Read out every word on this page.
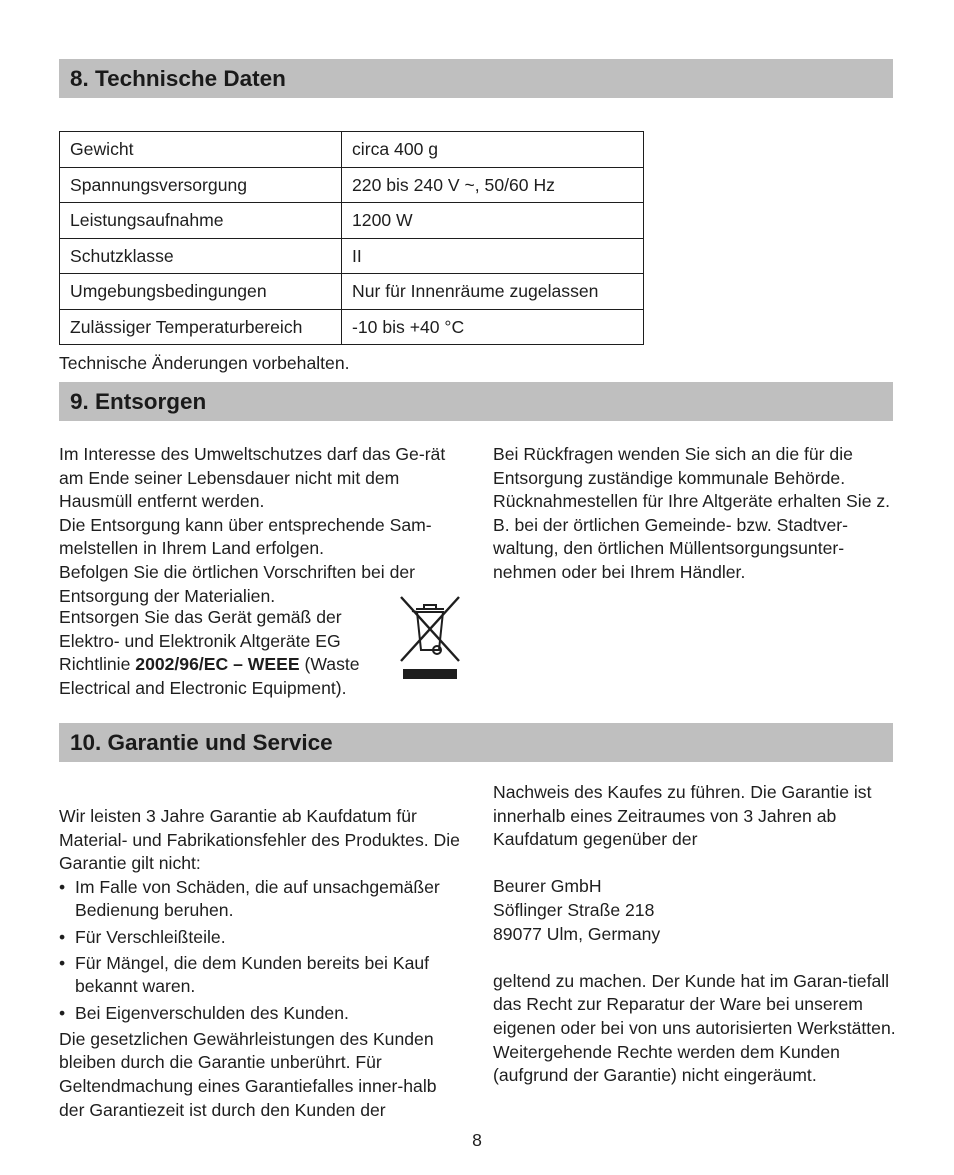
8. Technische Daten
Gewicht	circa 400 g
Spannungsversorgung	220 bis 240 V ~, 50/60 Hz
Leistungsaufnahme	1200 W
Schutzklasse	II
Umgebungsbedingungen	Nur für Innenräume zugelassen
Zulässiger Temperaturbereich	-10 bis +40 °C
Technische Änderungen vorbehalten.
9. Entsorgen

Im Interesse des Umweltschutzes darf das Ge-rät am Ende seiner Lebensdauer nicht mit dem Hausmüll entfernt werden.

Die Entsorgung kann über entsprechende Sam-melstellen in Ihrem Land erfolgen.

Befolgen Sie die örtlichen Vorschriften bei der Entsorgung der Materialien.

Entsorgen Sie das Gerät gemäß der Elektro- und Elektronik Altgeräte EG Richtlinie 2002/96/EC – WEEE (Waste Electrical and Electronic Equipment).

Bei Rückfragen wenden Sie sich an die für die Entsorgung zuständige kommunale Behörde. Rücknahmestellen für Ihre Altgeräte erhalten Sie z. B. bei der örtlichen Gemeinde- bzw. Stadtver-waltung, den örtlichen Müllentsorgungsunter-nehmen oder bei Ihrem Händler.

10. Garantie und Service

Wir leisten 3 Jahre Garantie ab Kaufdatum für Material- und Fabrikationsfehler des Produktes. Die Garantie gilt nicht:

• Im Falle von Schäden, die auf unsachgemäßer Bedienung beruhen.
• Für Verschleißteile.
• Für Mängel, die dem Kunden bereits bei Kauf bekannt waren.
• Bei Eigenverschulden des Kunden.

Die gesetzlichen Gewährleistungen des Kunden bleiben durch die Garantie unberührt. Für Geltendmachung eines Garantiefalles inner-halb der Garantiezeit ist durch den Kunden der

Nachweis des Kaufes zu führen. Die Garantie ist innerhalb eines Zeitraumes von 3 Jahren ab Kaufdatum gegenüber der

Beurer GmbH
Söflinger Straße 218
89077 Ulm, Germany

geltend zu machen. Der Kunde hat im Garan-tiefall das Recht zur Reparatur der Ware bei unserem eigenen oder bei von uns autorisierten Werkstätten. Weitergehende Rechte werden dem Kunden (aufgrund der Garantie) nicht eingeräumt.

8
